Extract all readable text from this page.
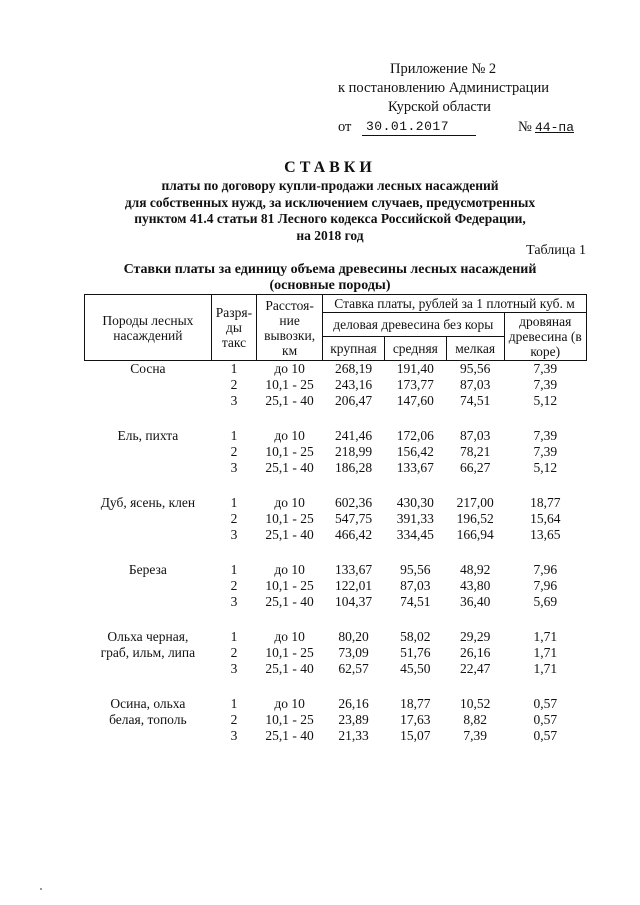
Приложение № 2
к постановлению Администрации
Курской области
от	30.01.2017	№ 44-па
СТАВКИ
платы по договору купли-продажи лесных насаждений
для собственных нужд, за исключением случаев, предусмотренных
пунктом 41.4 статьи 81 Лесного кодекса Российской Федерации,
на 2018 год
Таблица 1
Ставки платы за единицу объема древесины лесных насаждений
(основные породы)
Породы лесных насаждений	Разря-ды такс	Расстоя-ние вывозки, км	Ставка платы, рублей за 1 плотный куб. м			
			деловая древесина без коры			дровяная древесина (в коре)
			крупная	средняя	мелкая	
Сосна	1	до 10	268,19	191,40	95,56	7,39
	2	10,1 - 25	243,16	173,77	87,03	7,39
	3	25,1 - 40	206,47	147,60	74,51	5,12

Ель, пихта	1	до 10	241,46	172,06	87,03	7,39
	2	10,1 - 25	218,99	156,42	78,21	7,39
	3	25,1 - 40	186,28	133,67	66,27	5,12

Дуб, ясень, клен	1	до 10	602,36	430,30	217,00	18,77
	2	10,1 - 25	547,75	391,33	196,52	15,64
	3	25,1 - 40	466,42	334,45	166,94	13,65

Береза	1	до 10	133,67	95,56	48,92	7,96
	2	10,1 - 25	122,01	87,03	43,80	7,96
	3	25,1 - 40	104,37	74,51	36,40	5,69

Ольха черная,	1	до 10	80,20	58,02	29,29	1,71
граб, ильм, липа	2	10,1 - 25	73,09	51,76	26,16	1,71
	3	25,1 - 40	62,57	45,50	22,47	1,71

Осина, ольха	1	до 10	26,16	18,77	10,52	0,57
белая, тополь	2	10,1 - 25	23,89	17,63	8,82	0,57
	3	25,1 - 40	21,33	15,07	7,39	0,57
